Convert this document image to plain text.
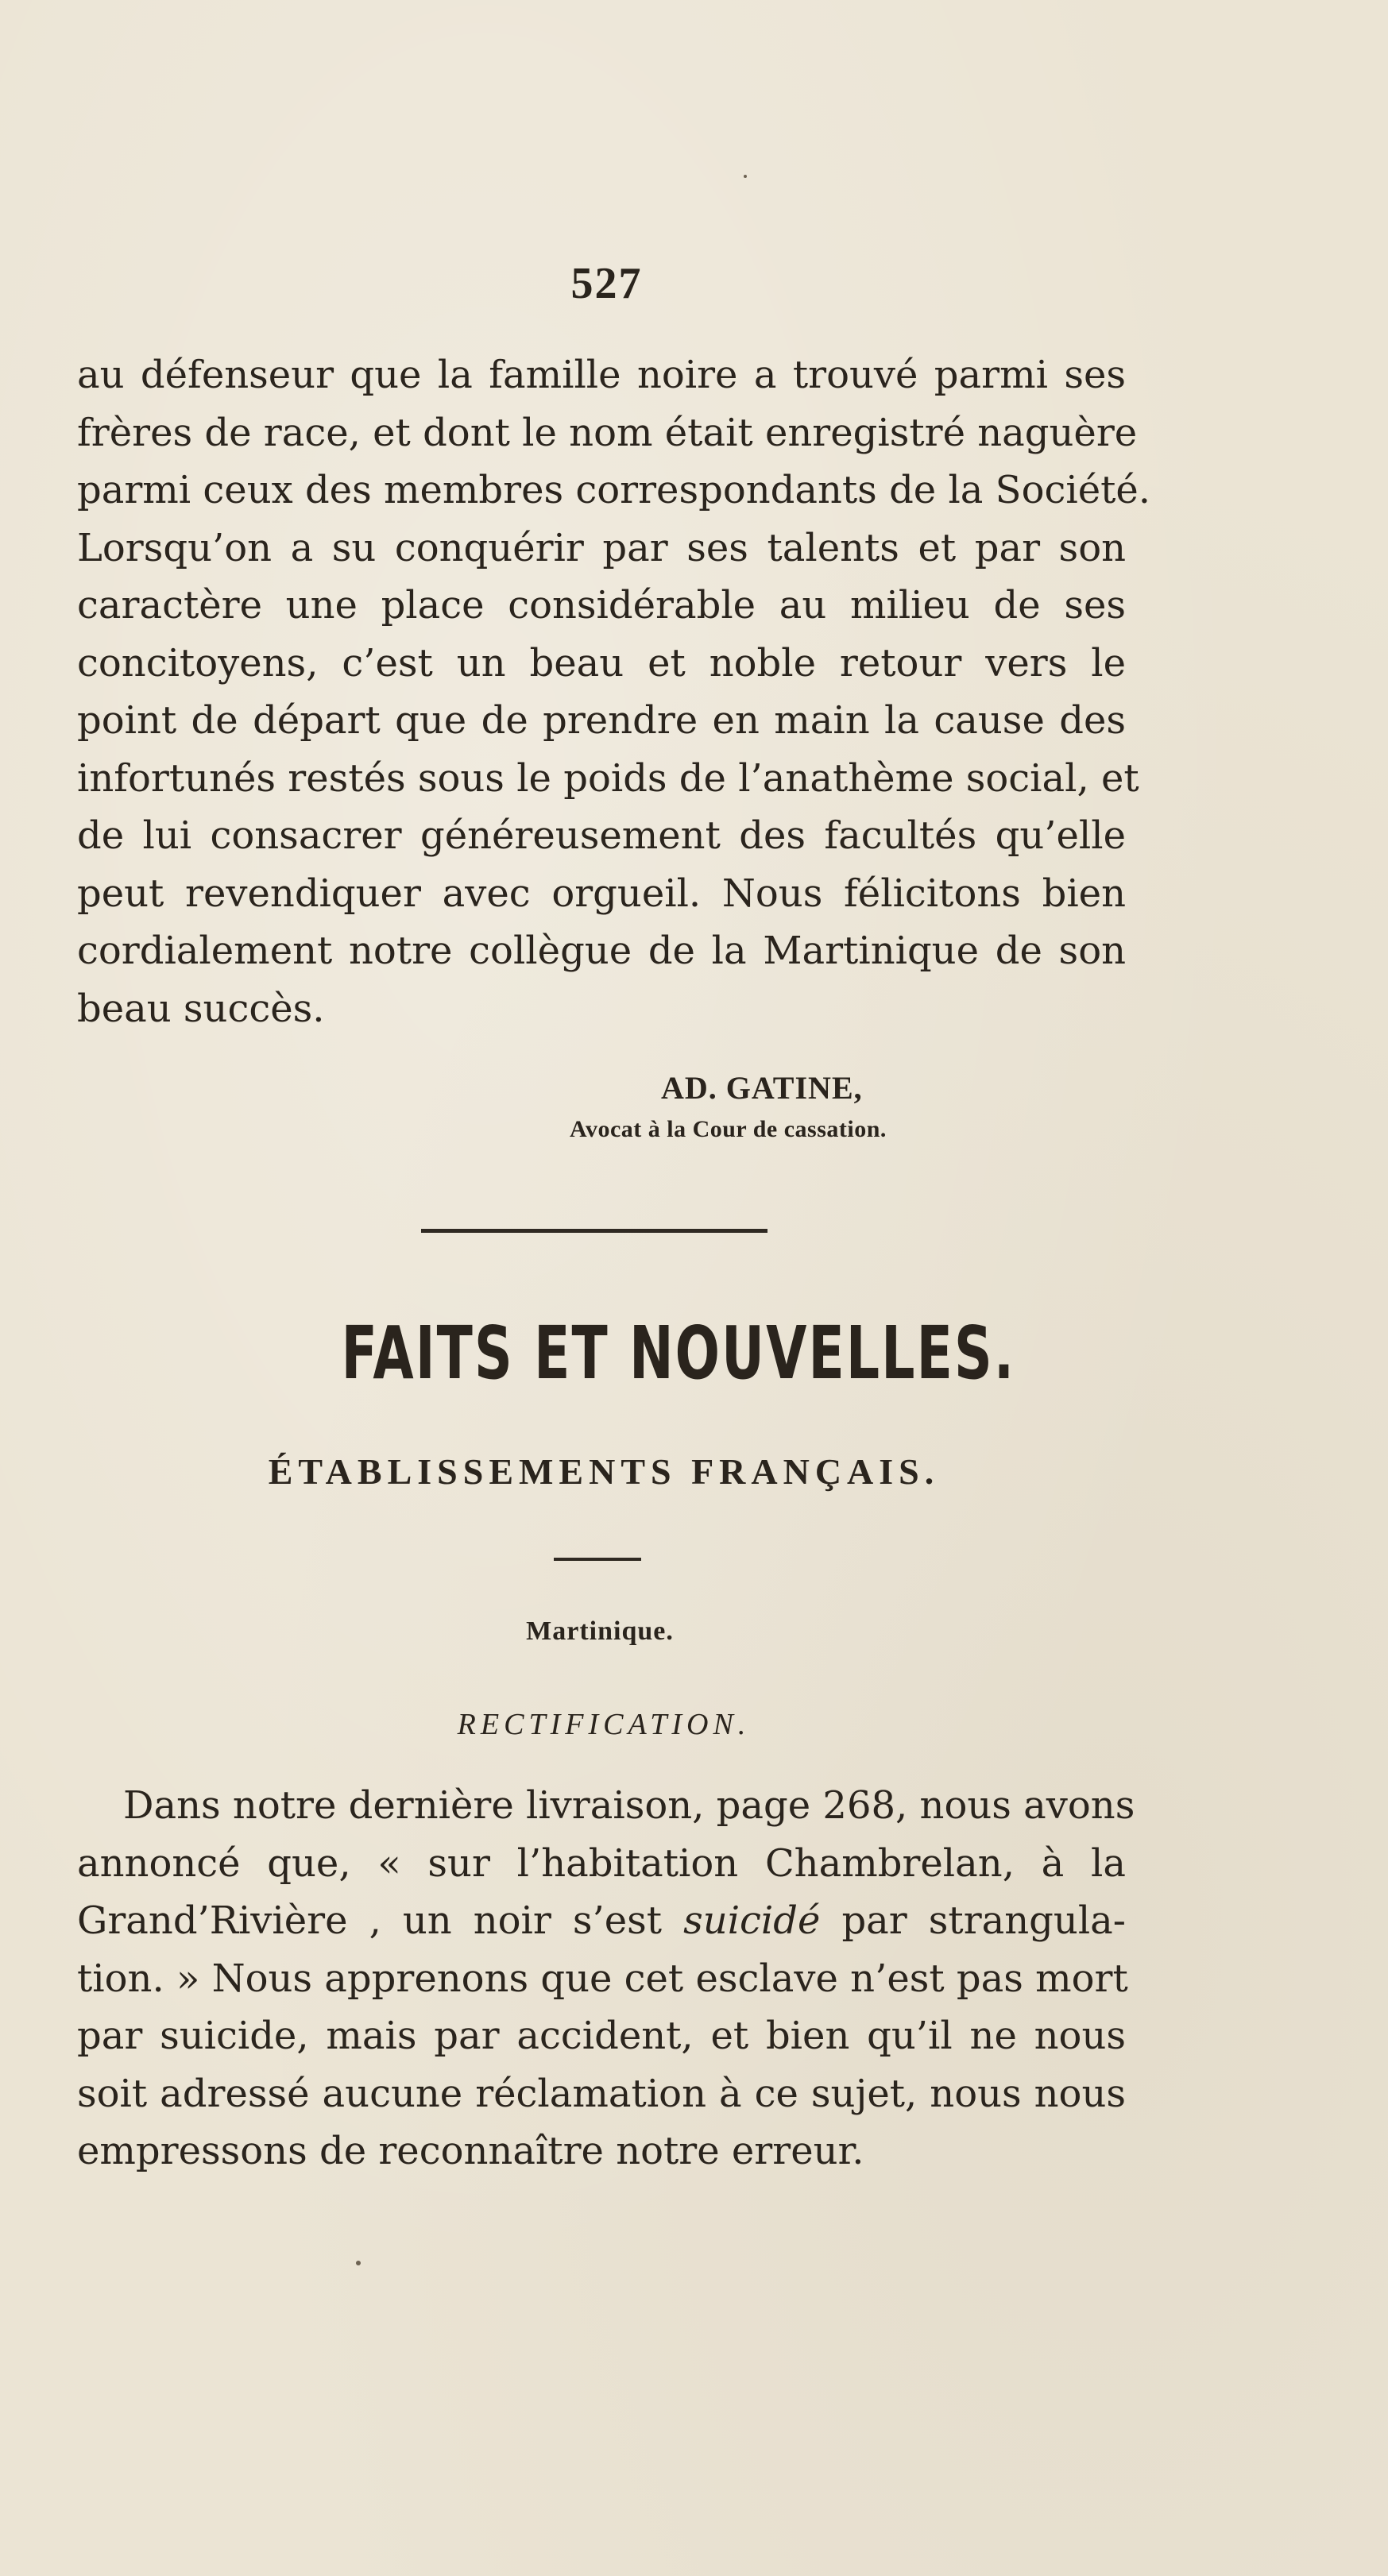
527
au défenseur que la famille noire a trouvé parmi ses
frères de race, et dont le nom était enregistré naguère
parmi ceux des membres correspondants de la Société.
Lorsqu’on a su conquérir par ses talents et par son
caractère une place considérable au milieu de ses
concitoyens, c’est un beau et noble retour vers le
point de départ que de prendre en main la cause des
infortunés restés sous le poids de l’anathème social, et
de lui consacrer généreusement des facultés qu’elle
peut revendiquer avec orgueil. Nous félicitons bien
cordialement notre collègue de la Martinique de son
beau succès.
AD. GATINE,
Avocat à la Cour de cassation.
FAITS ET NOUVELLES.
ÉTABLISSEMENTS FRANÇAIS.
Martinique.
RECTIFICATION.
Dans notre dernière livraison, page 268, nous avons
annoncé que, « sur l’habitation Chambrelan, à la
Grand’Rivière , un noir s’est suicidé par strangula-
tion. » Nous apprenons que cet esclave n’est pas mort
par suicide, mais par accident, et bien qu’il ne nous
soit adressé aucune réclamation à ce sujet, nous nous
empressons de reconnaître notre erreur.
